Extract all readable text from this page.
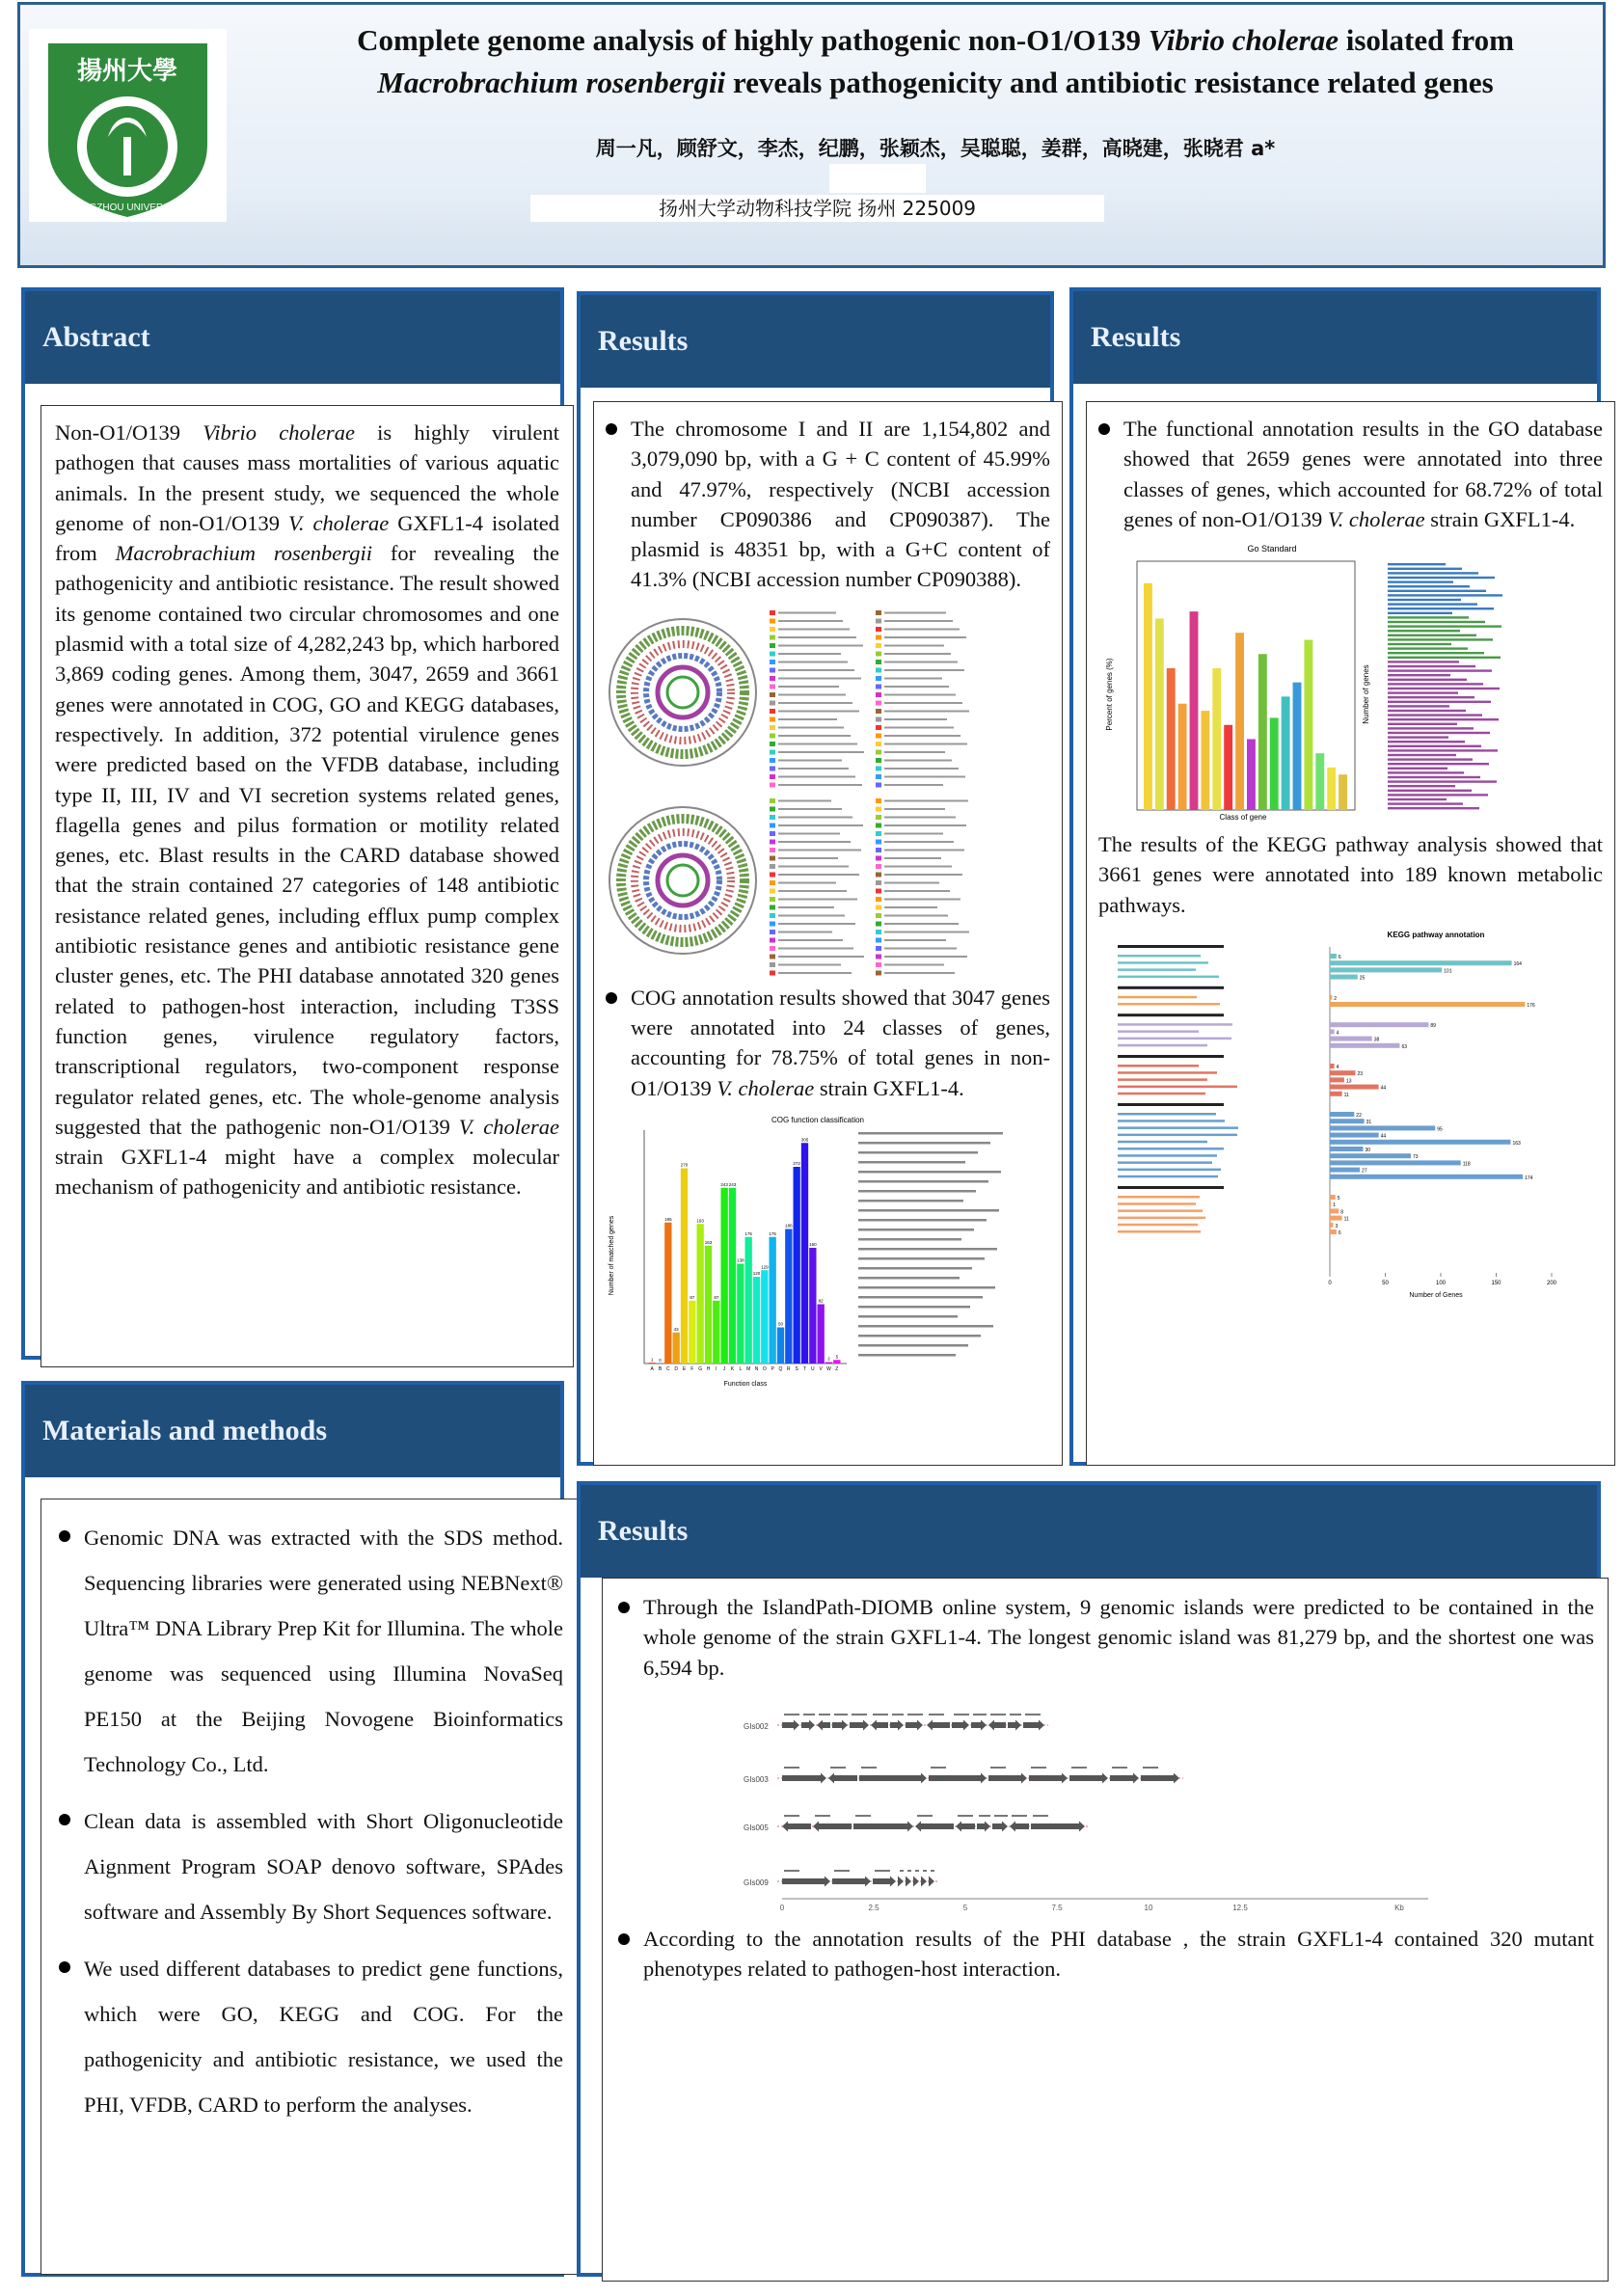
揚州大學
YANGZHOU UNIVERSITY
Complete genome analysis of highly pathogenic non-O1/O139 Vibrio cholerae isolated from
Macrobrachium rosenbergii reveals pathogenicity and antibiotic resistance related genes
周一凡，顾舒文，李杰，纪鹏，张颖杰，吴聪聪，姜群，高晓建，张晓君 a*
扬州大学动物科技学院 扬州 225009
Abstract
Non-O1/O139 Vibrio cholerae is highly virulent pathogen that causes mass mortalities of various aquatic animals. In the present study, we sequenced the whole genome of non-O1/O139 V. cholerae GXFL1-4 isolated from Macrobrachium rosenbergii for revealing the pathogenicity and antibiotic resistance. The result showed its genome contained two circular chromosomes and one plasmid with a total size of 4,282,243 bp, which harbored 3,869 coding genes. Among them, 3047, 2659 and 3661 genes were annotated in COG, GO and KEGG databases, respectively. In addition, 372 potential virulence genes were predicted based on the VFDB database, including type II, III, IV and VI secretion systems related genes, flagella genes and pilus formation or motility related genes, etc. Blast results in the CARD database showed that the strain contained 27 categories of 148 antibiotic resistance related genes, including efflux pump complex antibiotic resistance genes and antibiotic resistance gene cluster genes, etc. The PHI database annotated 320 genes related to pathogen-host interaction, including T3SS function genes, virulence regulatory factors, transcriptional regulators, two-component response regulator related genes, etc. The whole-genome analysis suggested that the pathogenic non-O1/O139 V. cholerae strain GXFL1-4 might have a complex molecular mechanism of pathogenicity and antibiotic resistance.
Materials and methods
Genomic DNA was extracted with the SDS method. Sequencing libraries were generated using NEBNext® Ultra™ DNA Library Prep Kit for Illumina. The whole genome was sequenced using Illumina NovaSeq PE150 at the Beijing Novogene Bioinformatics Technology Co., Ltd.
Clean data is assembled with Short Oligonucleotide Aignment Program SOAP denovo software, SPAdes software and Assembly By Short Sequences software.
We used different databases to predict gene functions, which were GO, KEGG and COG. For the pathogenicity and antibiotic resistance, we used the PHI, VFDB, CARD to perform the analyses.
Results
The chromosome I and II are 1,154,802 and 3,079,090 bp, with a G + C content of 45.99% and 47.97%, respectively (NCBI accession number CP090386 and CP090387). The plasmid is 48351 bp, with a G+C content of 41.3% (NCBI accession number CP090388).
COG annotation results showed that 3047 genes were annotated into 24 classes of genes, accounting for 78.75% of total genes in non-O1/O139 V. cholerae strain GXFL1-4.
COG function classification
Number of matched genes
Function class
1
A
0
B
195
C
43
D
270
E
87
F
193
G
163
H
87
I
243
J
243
K
138
L
175
M
120
N
129
O
175
P
50
Q
186
R
272
S
305
T
160
U
82
V
2
W
5
Z
Results
The functional annotation results in the GO database showed that 2659 genes were annotated into three classes of genes, which accounted for 68.72% of total genes of non-O1/O139 V. cholerae strain GXFL1-4.
Go Standard
Percent of genes (%)	Number of genes
Class of gene
The results of the KEGG pathway analysis showed that 3661 genes were annotated into 189 known metabolic pathways.
KEGG pathway annotation
Number of Genes
6
164
101
25
2
176
89
4
38
63
4
23
13
44
11
22
31
95
44
163
30
73
118
27
174
5
1
8
11
3
6
0	50	100	150	200
Results
Through the IslandPath-DIOMB online system, 9 genomic islands were predicted to be contained in the whole genome of the strain GXFL1-4. The longest genomic island was 81,279 bp, and the shortest one was 6,594 bp.
GIs002
GIs003
GIs005
GIs009
0	2.5	5	7.5	10	12.5	Kb
According to the annotation results of the PHI database , the strain GXFL1-4 contained 320 mutant phenotypes related to pathogen-host interaction.
